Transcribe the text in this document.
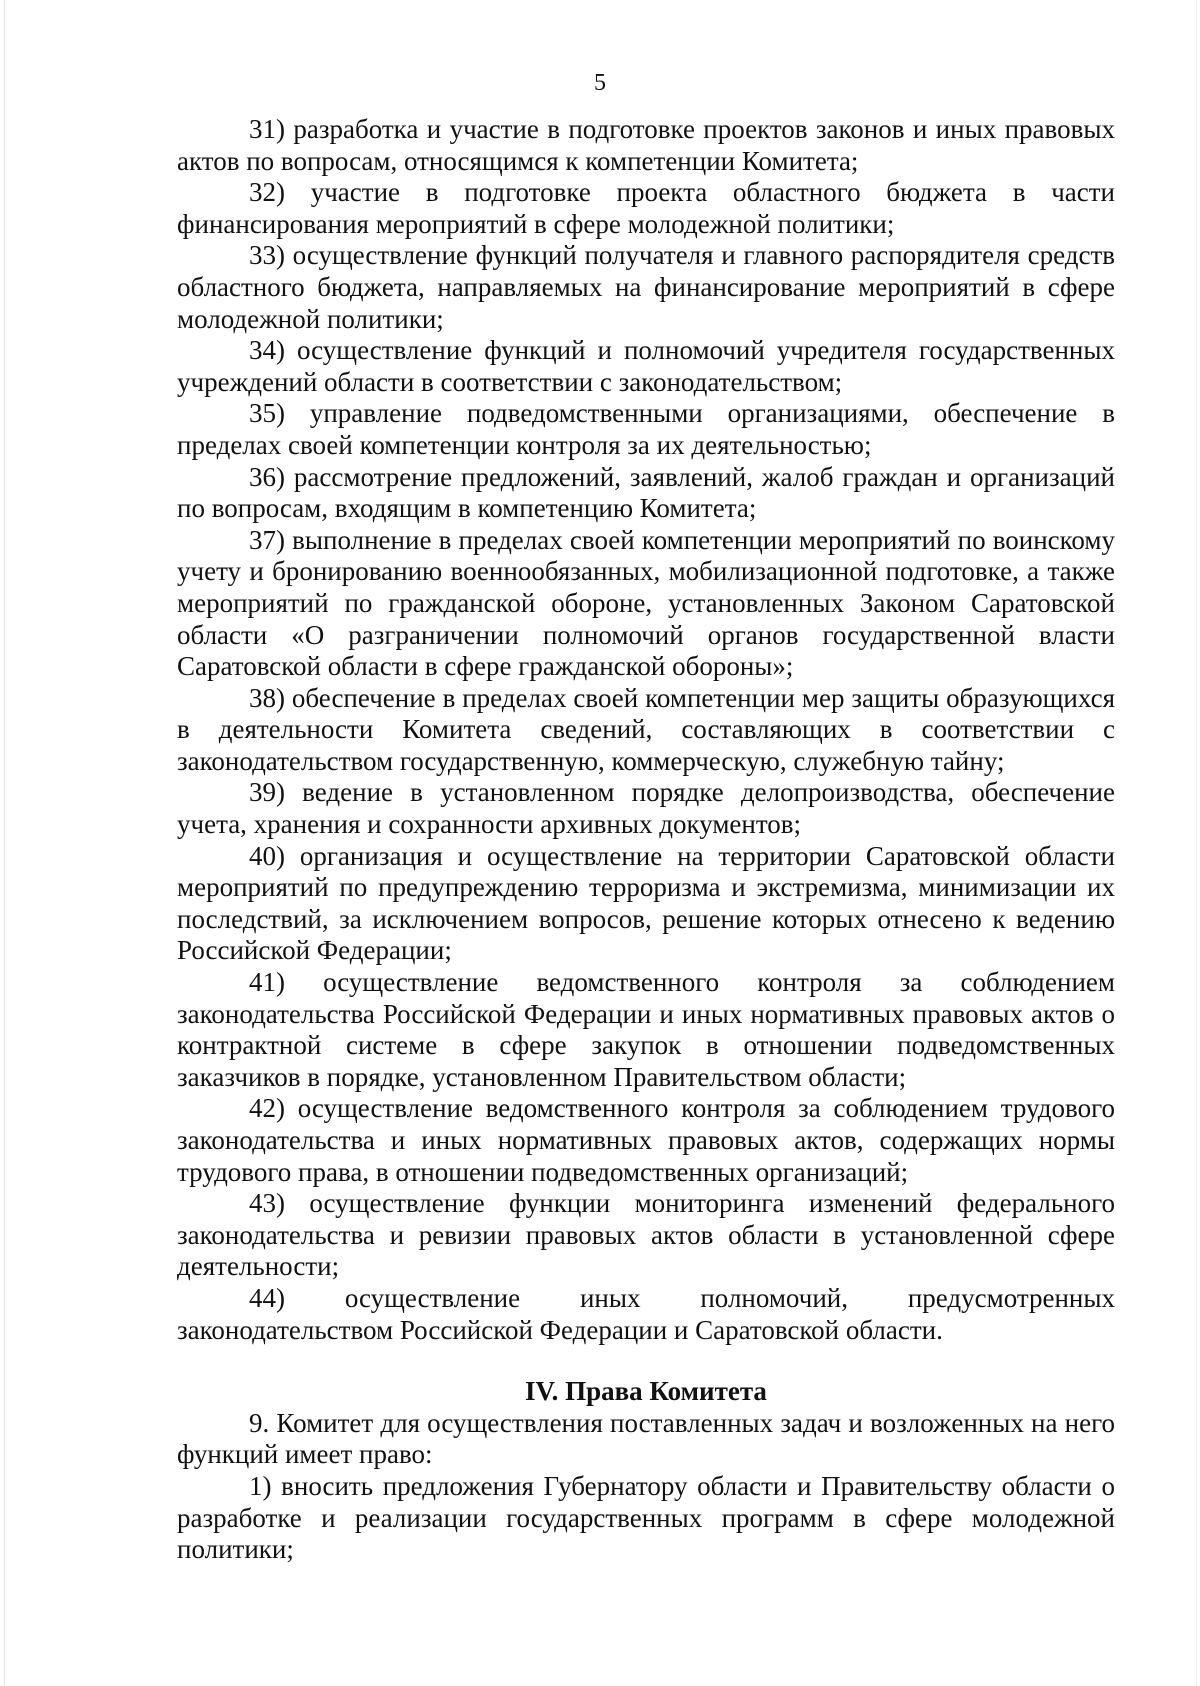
5

31) разработка и участие в подготовке проектов законов и иных правовых актов по вопросам, относящимся к компетенции Комитета;

32) участие в подготовке проекта областного бюджета в части финансирования мероприятий в сфере молодежной политики;

33) осуществление функций получателя и главного распорядителя средств областного бюджета, направляемых на финансирование мероприятий в сфере молодежной политики;

34) осуществление функций и полномочий учредителя государственных учреждений области в соответствии с законодательством;

35) управление подведомственными организациями, обеспечение в пределах своей компетенции контроля за их деятельностью;

36) рассмотрение предложений, заявлений, жалоб граждан и организаций по вопросам, входящим в компетенцию Комитета;

37) выполнение в пределах своей компетенции мероприятий по воинскому учету и бронированию военнообязанных, мобилизационной подготовке, а также мероприятий по гражданской обороне, установленных Законом Саратовской области «О разграничении полномочий органов государственной власти Саратовской области в сфере гражданской обороны»;

38) обеспечение в пределах своей компетенции мер защиты образующихся в деятельности Комитета сведений, составляющих в соответствии с законодательством государственную, коммерческую, служебную тайну;

39) ведение в установленном порядке делопроизводства, обеспечение учета, хранения и сохранности архивных документов;

40) организация и осуществление на территории Саратовской области мероприятий по предупреждению терроризма и экстремизма, минимизации их последствий, за исключением вопросов, решение которых отнесено к ведению Российской Федерации;

41) осуществление ведомственного контроля за соблюдением законодательства Российской Федерации и иных нормативных правовых актов о контрактной системе в сфере закупок в отношении подведомственных заказчиков в порядке, установленном Правительством области;

42) осуществление ведомственного контроля за соблюдением трудового законодательства и иных нормативных правовых актов, содержащих нормы трудового права, в отношении подведомственных организаций;

43) осуществление функции мониторинга изменений федерального законодательства и ревизии правовых актов области в установленной сфере деятельности;

44) осуществление иных полномочий, предусмотренных законодательством Российской Федерации и Саратовской области.

IV. Права Комитета

9. Комитет для осуществления поставленных задач и возложенных на него функций имеет право:

1) вносить предложения Губернатору области и Правительству области о разработке и реализации государственных программ в сфере молодежной политики;
